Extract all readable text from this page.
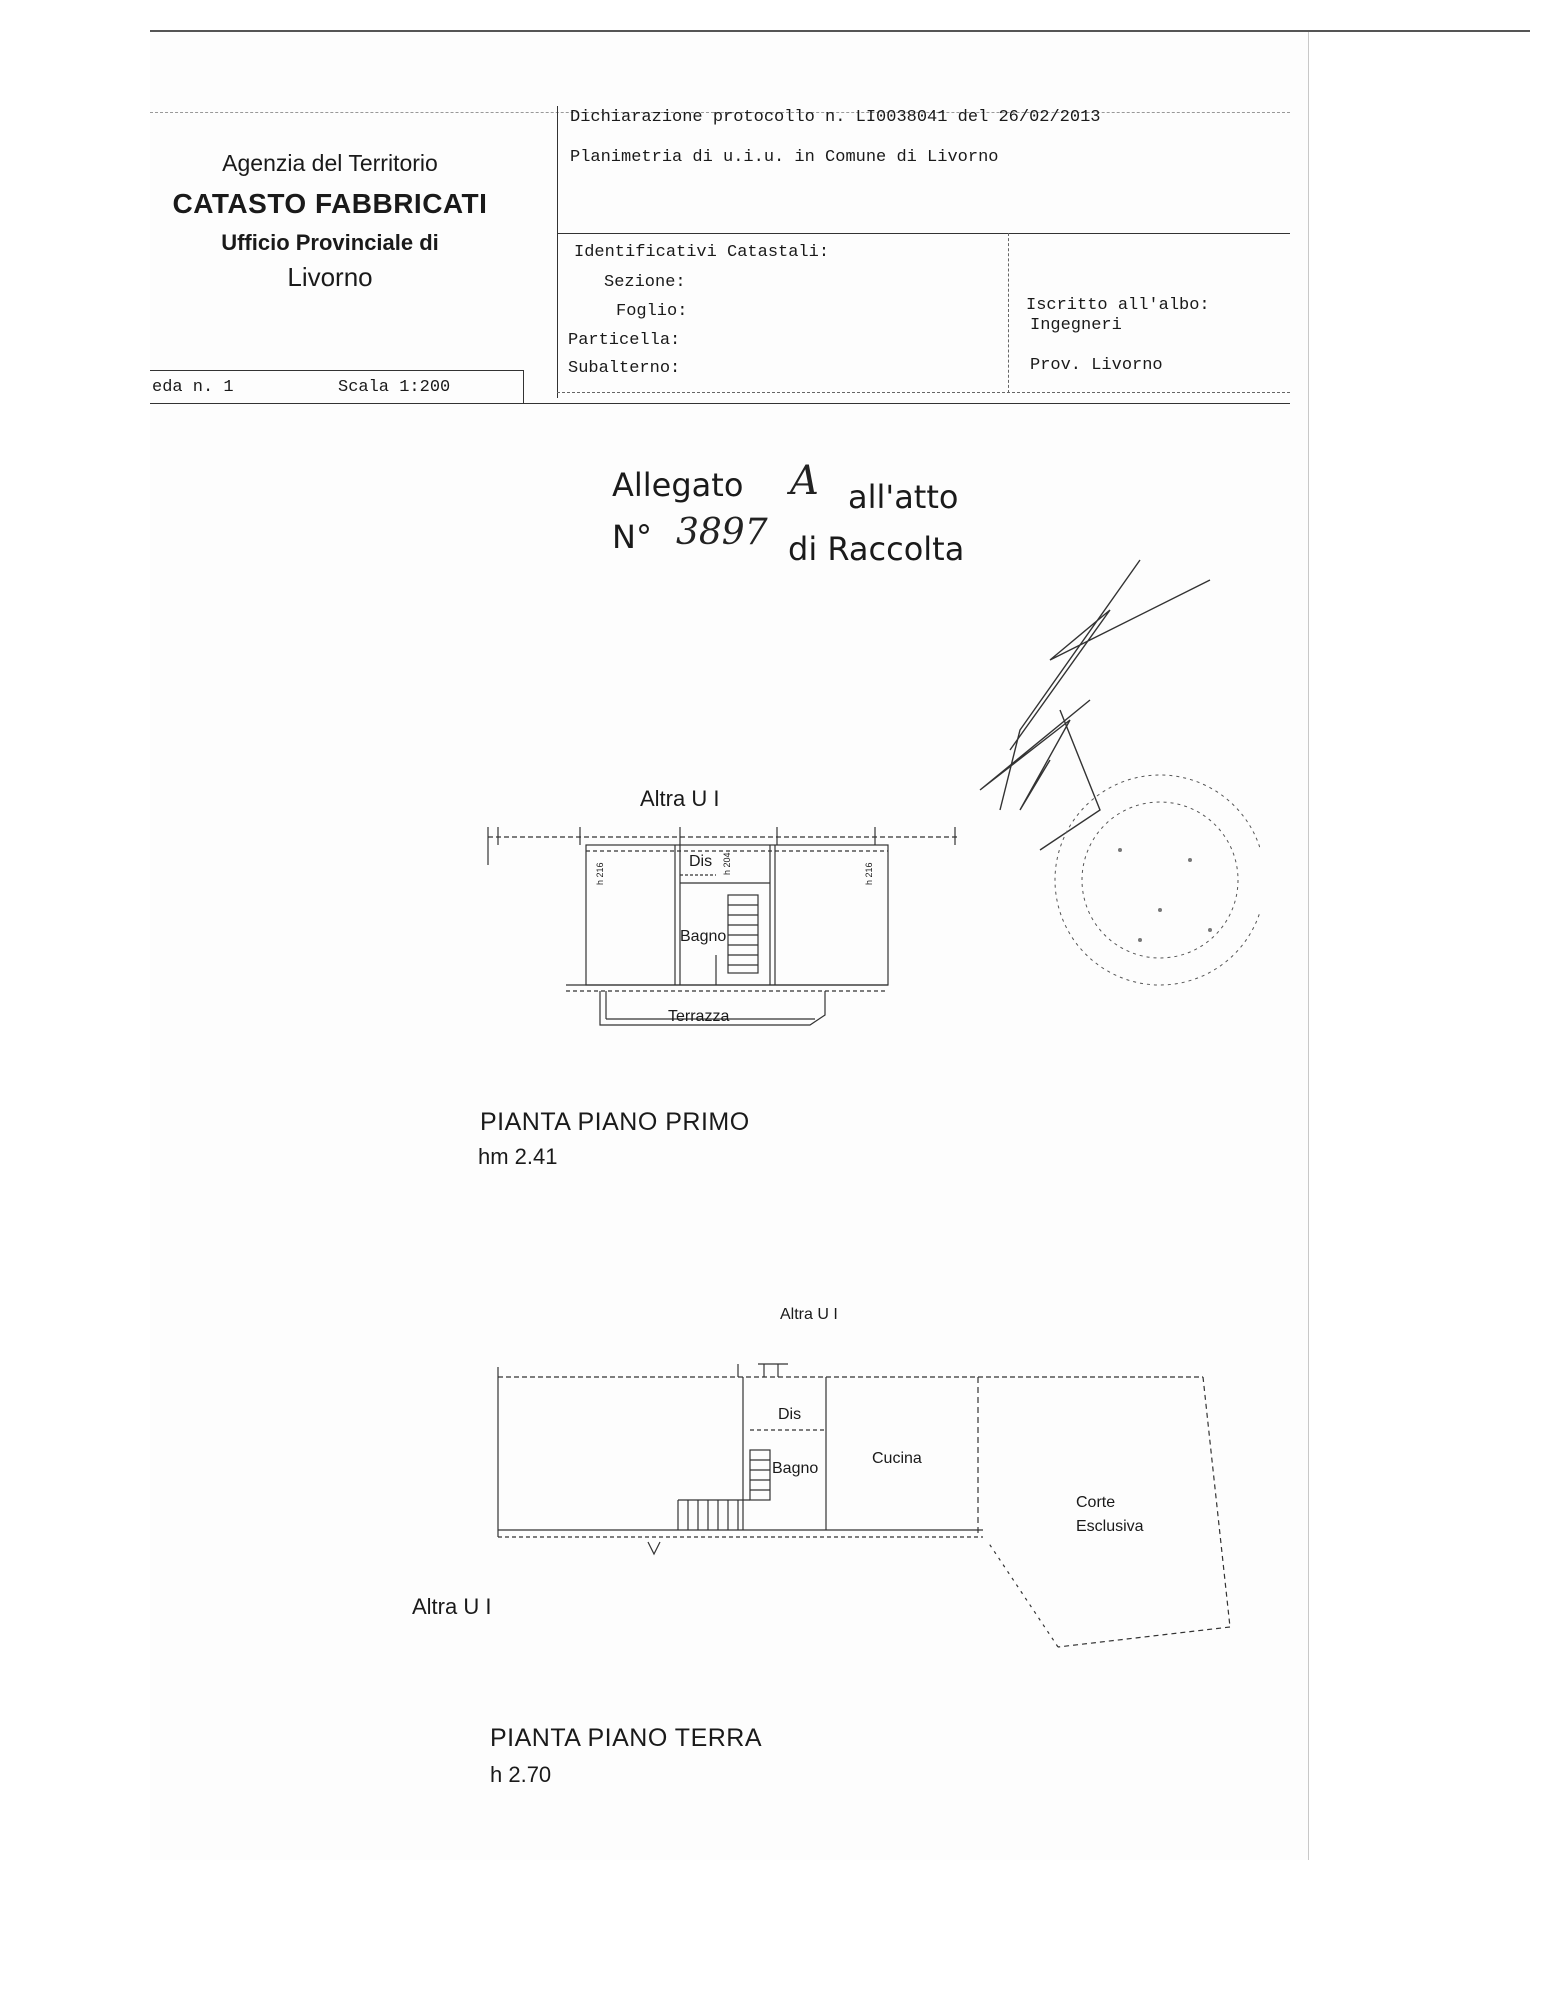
Agenzia del Territorio
CATASTO FABBRICATI
Ufficio Provinciale di
Livorno
Dichiarazione protocollo n. LI0038041 del 26/02/2013
Planimetria di u.i.u. in Comune di Livorno
Identificativi Catastali:
Sezione:
Foglio:
Particella:
Subalterno:
Iscritto all'albo:
Ingegneri
Prov. Livorno
eda n. 1	Scala 1:200
Allegato A all'atto
N° 3897 di Raccolta
Altra U I
h 216	h 204	h 216
Dis
Bagno
Terrazza
PIANTA PIANO PRIMO
hm 2.41
Altra U I
Dis
Bagno
Cucina
Corte
Esclusiva
Altra U I
PIANTA PIANO TERRA
h 2.70
